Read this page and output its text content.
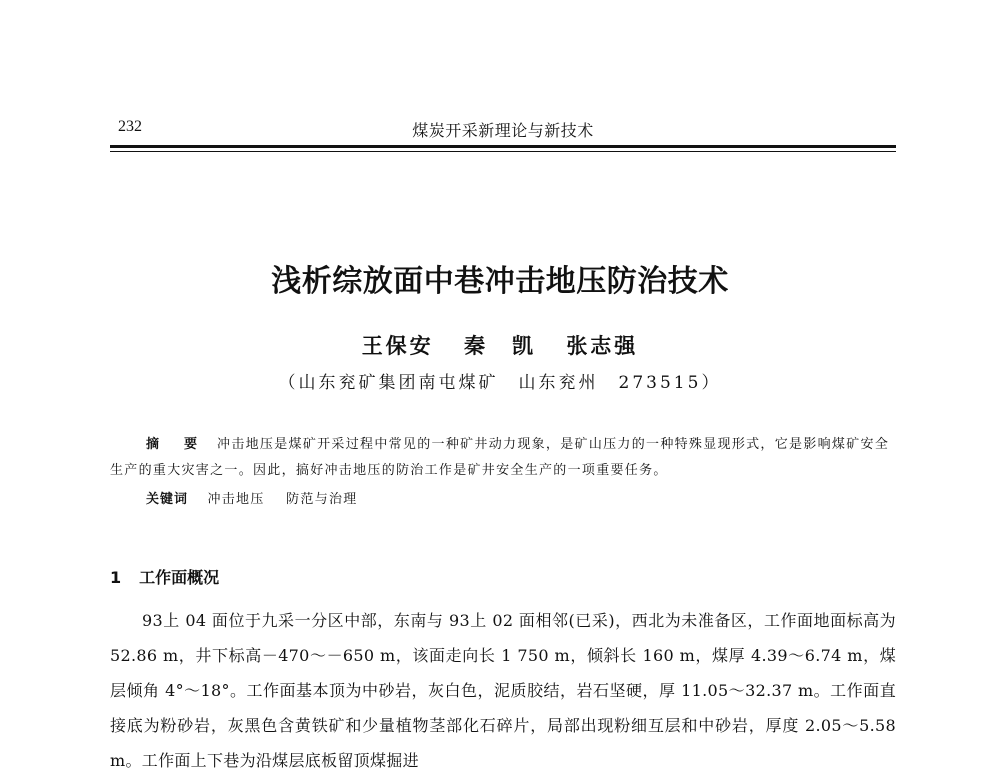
232	煤炭开采新理论与新技术
浅析综放面中巷冲击地压防治技术
王保安 秦　凯 张志强
（山东兖矿集团南屯煤矿　山东兖州　273515）
摘　要 冲击地压是煤矿开采过程中常见的一种矿井动力现象，是矿山压力的一种特殊显现形式，它是影响煤矿安全生产的重大灾害之一。因此，搞好冲击地压的防治工作是矿井安全生产的一项重要任务。
关键词 冲击地压 防范与治理
1 工作面概况

93上 04 面位于九采一分区中部，东南与 93上 02 面相邻(已采)，西北为未准备区，工作面地面标高为 52.86 m，井下标高－470～－650 m，该面走向长 1 750 m，倾斜长 160 m，煤厚 4.39～6.74 m，煤层倾角 4°～18°。工作面基本顶为中砂岩，灰白色，泥质胶结，岩石坚硬，厚 11.05～32.37 m。工作面直接底为粉砂岩，灰黑色含黄铁矿和少量植物茎部化石碎片，局部出现粉细互层和中砂岩，厚度 2.05～5.58 m。工作面上下巷为沿煤层底板留顶煤掘进
